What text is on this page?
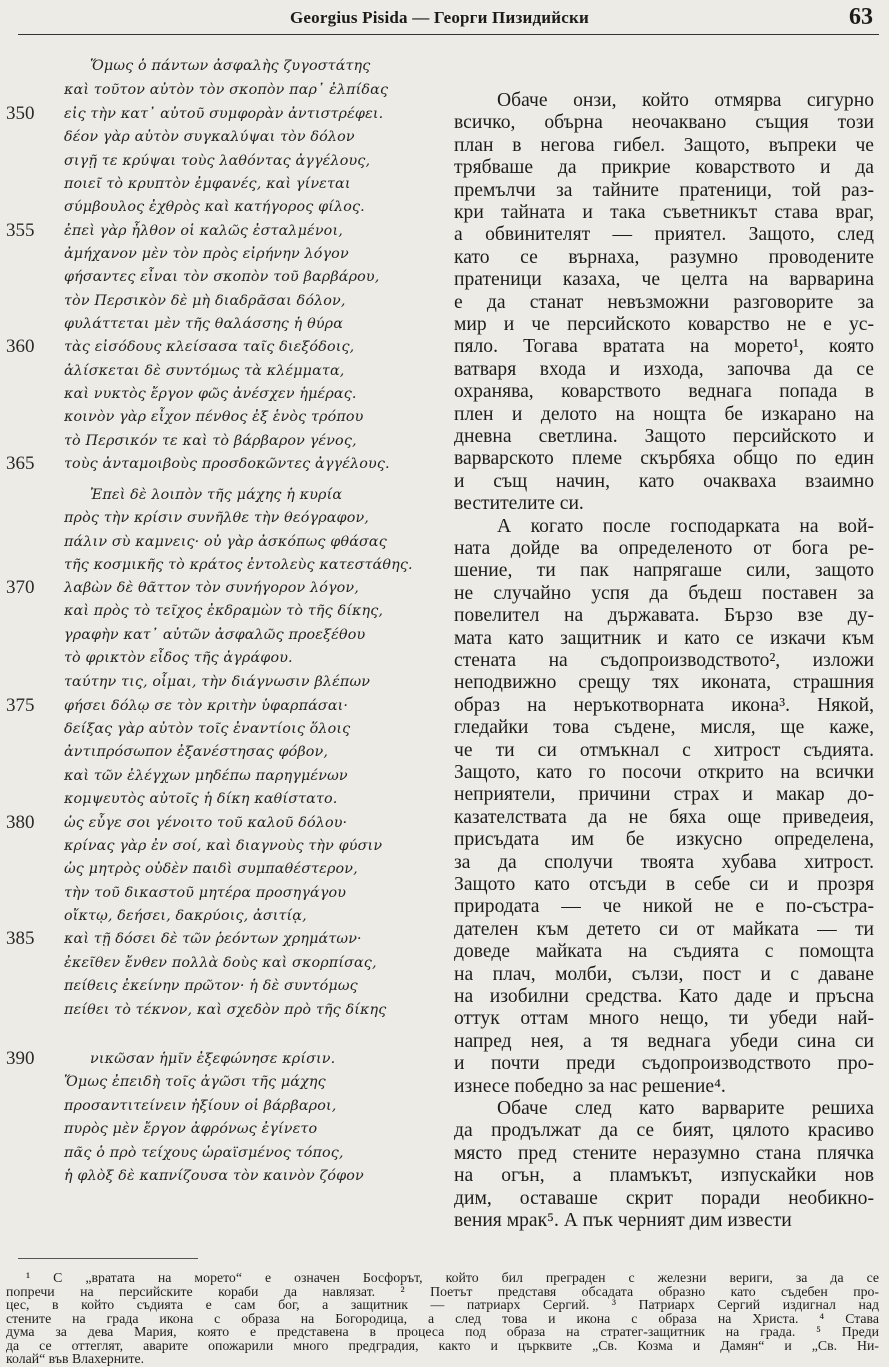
Georgius Pisida — Георги Пизидийски	63
Ὅμως ὁ πάντων ἀσφαλὴς ζυγοστάτης
καὶ τοῦτον αὐτὸν τὸν σκοπὸν παρ᾽ ἐλπίδας
εἰς τὴν κατ᾽ αὐτοῦ συμφορὰν ἀντιστρέφει.
δέον γὰρ αὐτὸν συγκαλύψαι τὸν δόλον
σιγῇ τε κρύψαι τοὺς λαθόντας ἀγγέλους,
ποιεῖ τὸ κρυπτὸν ἐμφανές, καὶ γίνεται
σύμβουλος ἐχθρὸς καὶ κατήγορος φίλος.
ἐπεὶ γὰρ ἦλθον οἱ καλῶς ἐσταλμένοι,
ἀμήχανον μὲν τὸν πρὸς εἰρήνην λόγον
φήσαντες εἶναι τὸν σκοπὸν τοῦ βαρβάρου,
τὸν Περσικὸν δὲ μὴ διαδρᾶσαι δόλον,
φυλάττεται μὲν τῆς θαλάσσης ἡ θύρα
τὰς εἰσόδους κλείσασα ταῖς διεξόδοις,
ἁλίσκεται δὲ συντόμως τὰ κλέμματα,
καὶ νυκτὸς ἔργον φῶς ἀνέσχεν ἡμέρας.
κοινὸν γὰρ εἶχον πένθος ἐξ ἑνὸς τρόπου
τὸ Περσικόν τε καὶ τὸ βάρβαρον γένος,
τοὺς ἀνταμοιβοὺς προσδοκῶντες ἀγγέλους.
Ἐπεὶ δὲ λοιπὸν τῆς μάχης ἡ κυρία
πρὸς τὴν κρίσιν συνῆλθε τὴν θεόγραφον,
πάλιν σὺ καμνεις· οὐ γὰρ ἀσκόπως φθάσας
τῆς κοσμικῆς τὸ κράτος ἐντολεὺς κατεστάθης.
λαβὼν δὲ θᾶττον τὸν συνήγορον λόγον,
καὶ πρὸς τὸ τεῖχος ἐκδραμὼν τὸ τῆς δίκης,
γραφὴν κατ᾽ αὐτῶν ἀσφαλῶς προεξέθου
τὸ φρικτὸν εἶδος τῆς ἀγράφου.
ταύτην τις, οἶμαι, τὴν διάγνωσιν βλέπων
φήσει δόλῳ σε τὸν κριτὴν ὑφαρπάσαι·
δείξας γὰρ αὐτὸν τοῖς ἐναντίοις ὅλοις
ἀντιπρόσωπον ἐξανέστησας φόβον,
καὶ τῶν ἐλέγχων μηδέπω παρηγμένων
κομψευτὸς αὐτοῖς ἡ δίκη καθίστατο.
ὡς εὖγε σοι γένοιτο τοῦ καλοῦ δόλου·
κρίνας γὰρ ἐν σοί, καὶ διαγνοὺς τὴν φύσιν
ὡς μητρὸς οὐδὲν παιδὶ συμπαθέστερον,
τὴν τοῦ δικαστοῦ μητέρα προσηγάγου
οἴκτῳ, δεήσει, δακρύοις, ἀσιτίᾳ,
καὶ τῇ δόσει δὲ τῶν ῥεόντων χρημάτων·
ἐκεῖθεν ἔνθεν πολλὰ δοὺς καὶ σκορπίσας,
πείθεις ἐκείνην πρῶτον· ἡ δὲ συντόμως
πείθει τὸ τέκνον, καὶ σχεδὸν πρὸ τῆς δίκης
νικῶσαν ἡμῖν ἐξεφώνησε κρίσιν.
Ὅμως ἐπειδὴ τοῖς ἀγῶσι τῆς μάχης
προσαντιτείνειν ἠξίουν οἱ βάρβαροι,
πυρὸς μὲν ἔργον ἀφρόνως ἐγίνετο
πᾶς ὁ πρὸ τείχους ὡραϊσμένος τόπος,
ἡ φλὸξ δὲ καπνίζουσα τὸν καινὸν ζόφον
350
355
360
365
370
375
380
385
390
Обаче онзи, който отмярва сигурно
всичко, обърна неочаквано същия този
план в негова гибел. Защото, въпреки че
трябваше да прикрие коварството и да
премълчи за тайните пратеници, той раз-
кри тайната и така съветникът става враг,
а обвинителят — приятел. Защото, след
като се върнаха, разумно проводените
пратеници казаха, че целта на варварина
е да станат невъзможни разговорите за
мир и че персийското коварство не е ус-
пяло. Тогава вратата на морето¹, която
ватваря входа и изхода, започва да се
охранява, коварството веднага попада в
плен и делото на нощта бе изкарано на
дневна светлина. Защото персийското и
варварското племе скърбяха общо по един
и същ начин, като очакваха взаимно
вестителите си.
А когато после господарката на вой-
ната дойде ва определеното от бога ре-
шение, ти пак напрягаше сили, защото
не случайно успя да бъдеш поставен за
повелител на държавата. Бързо взе ду-
мата като защитник и като се изкачи към
стената на съдопроизводството², изложи
неподвижно срещу тях иконата, страшния
образ на неръкотворната икона³. Някой,
гледайки това съдене, мисля, ще каже,
че ти си отмъкнал с хитрост съдията.
Защото, като го посочи открито на всички
неприятели, причини страх и макар до-
казателствата да не бяха още приведеия,
присъдата им бе изкусно определена,
за да сполучи твоята хубава хитрост.
Защото като отсъди в себе си и прозря
природата — че никой не е по-състра-
дателен към детето си от майката — ти
доведе майката на съдията с помощта
на плач, молби, сълзи, пост и с даване
на изобилни средства. Като даде и пръсна
оттук оттам много нещо, ти убеди най-
напред нея, а тя веднага убеди сина си
и почти преди съдопроизводството про-
изнесе победно за нас решение⁴.
Обаче след като варварите решиха
да продължат да се бият, цялото красиво
място пред стените неразумно стана плячка
на огън, а пламъкът, изпускайки нов
дим, оставаше скрит поради необикно-
вения мрак⁵. А пък черният дим извести
¹ С „вратата на морето“ е означен Босфорът, който бил преграден с железни вериги, за да се
попречи на персийските кораби да навлязат. ² Поетът представя обсадата образно като съдебен про-
цес, в който съдията е сам бог, а защитник — патриарх Сергий. ³ Патриарх Сергий издигнал над
стените на града икона с образа на Богородица, а след това и икона с образа на Христа. ⁴ Става
дума за дева Мария, която е представена в процеса под образа на стратег-защитник на града. ⁵ Преди
да се оттеглят, аварите опожарили много предградия, както и църквите „Св. Козма и Дамян“ и „Св. Ни-
колай“ във Влахерните.
